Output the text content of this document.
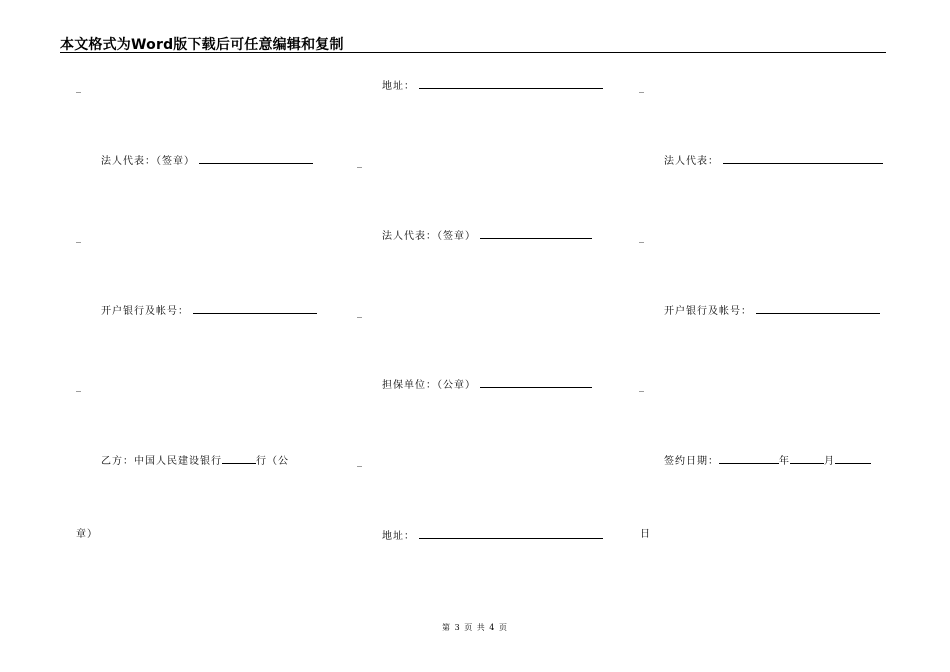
本文格式为Word版下载后可任意编辑和复制
_
法人代表：（签章）
_
开户银行及帐号：
_
乙方：中国人民建设银行	行（公
章）
地址：
_
法人代表：（签章）
_
担保单位：（公章）
_
地址：
_
法人代表：
_
开户银行及帐号：
_
签约日期：	年	月
日
第 3 页 共 4 页
